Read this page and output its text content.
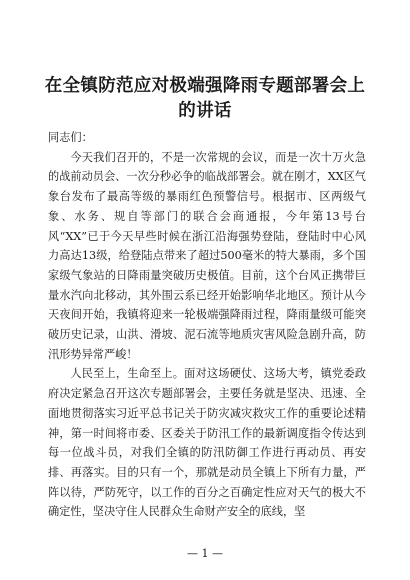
在全镇防范应对极端强降雨专题部署会上的讲话

同志们：

今天我们召开的，不是一次常规的会议，而是一次十万火急的战前动员会、一次分秒必争的临战部署会。就在刚才，XX区气象台发布了最高等级的暴雨红色预警信号。根据市、区两级气象、水务、规自等部门的联合会商通报，今年第13号台风“XX”已于今天早些时候在浙江沿海强势登陆，登陆时中心风力高达13级，给登陆点带来了超过500毫米的特大暴雨，多个国家级气象站的日降雨量突破历史极值。目前，这个台风正携带巨量水汽向北移动，其外围云系已经开始影响华北地区。预计从今天夜间开始，我镇将迎来一轮极端强降雨过程，降雨量级可能突破历史记录，山洪、滑坡、泥石流等地质灾害风险急剧升高，防汛形势异常严峻！

人民至上，生命至上。面对这场硬仗、这场大考，镇党委政府决定紧急召开这次专题部署会，主要任务就是坚决、迅速、全面地贯彻落实习近平总书记关于防灾减灾救灾工作的重要论述精神，第一时间将市委、区委关于防汛工作的最新调度指令传达到每一位战斗员，对我们全镇的防汛防御工作进行再动员、再安排、再落实。目的只有一个，那就是动员全镇上下所有力量，严阵以待，严防死守，以工作的百分之百确定性应对天气的极大不确定性，坚决守住人民群众生命财产安全的底线，坚

— 1 —
